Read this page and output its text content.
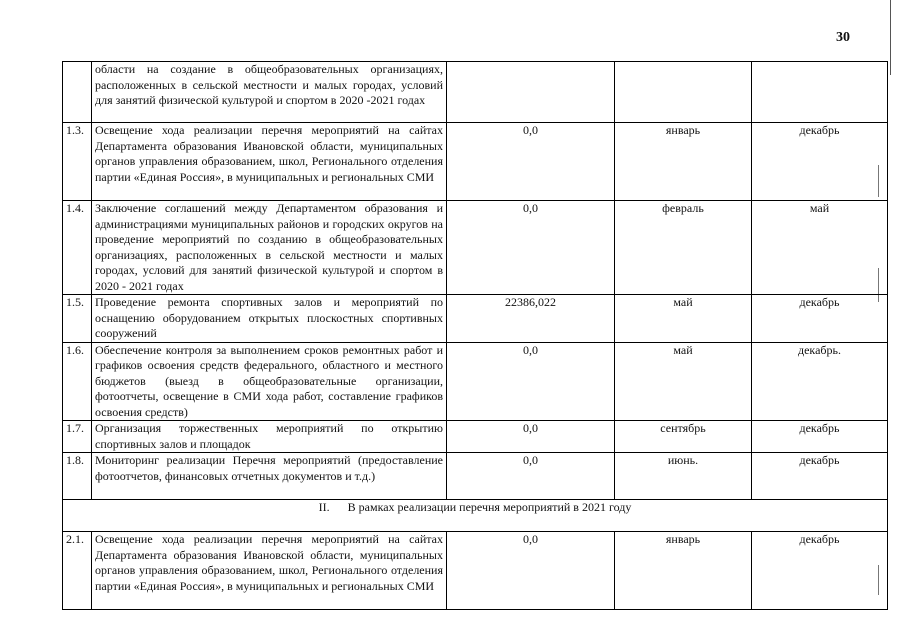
30
	области на создание в общеобразовательных организациях, расположенных в сельской местности и малых городах, условий для занятий физической культурой и спортом в 2020 -2021 годах			
1.3.	Освещение хода реализации перечня мероприятий на сайтах Департамента образования Ивановской области, муниципальных органов управления образованием, школ, Регионального отделения партии «Единая Россия», в муниципальных и региональных СМИ	0,0	январь	декабрь
1.4.	Заключение соглашений между Департаментом образования и администрациями муниципальных районов и городских округов на проведение мероприятий по созданию в общеобразовательных организациях, расположенных в сельской местности и малых городах, условий для занятий физической культурой и спортом в 2020 - 2021 годах	0,0	февраль	май
1.5.	Проведение ремонта спортивных залов и мероприятий по оснащению оборудованием открытых плоскостных спортивных сооружений	22386,022	май	декабрь
1.6.	Обеспечение контроля за выполнением сроков ремонтных работ и графиков освоения средств федерального, областного и местного бюджетов (выезд в общеобразовательные организации, фотоотчеты, освещение в СМИ хода работ, составление графиков освоения средств)	0,0	май	декабрь.
1.7.	Организация торжественных мероприятий по открытию спортивных залов и площадок	0,0	сентябрь	декабрь
1.8.	Мониторинг реализации Перечня мероприятий (предоставление фотоотчетов, финансовых отчетных документов и т.д.)	0,0	июнь.	декабрь
II. В рамках реализации перечня мероприятий в 2021 году				
2.1.	Освещение хода реализации перечня мероприятий на сайтах Департамента образования Ивановской области, муниципальных органов управления образованием, школ, Регионального отделения партии «Единая Россия», в муниципальных и региональных СМИ	0,0	январь	декабрь
